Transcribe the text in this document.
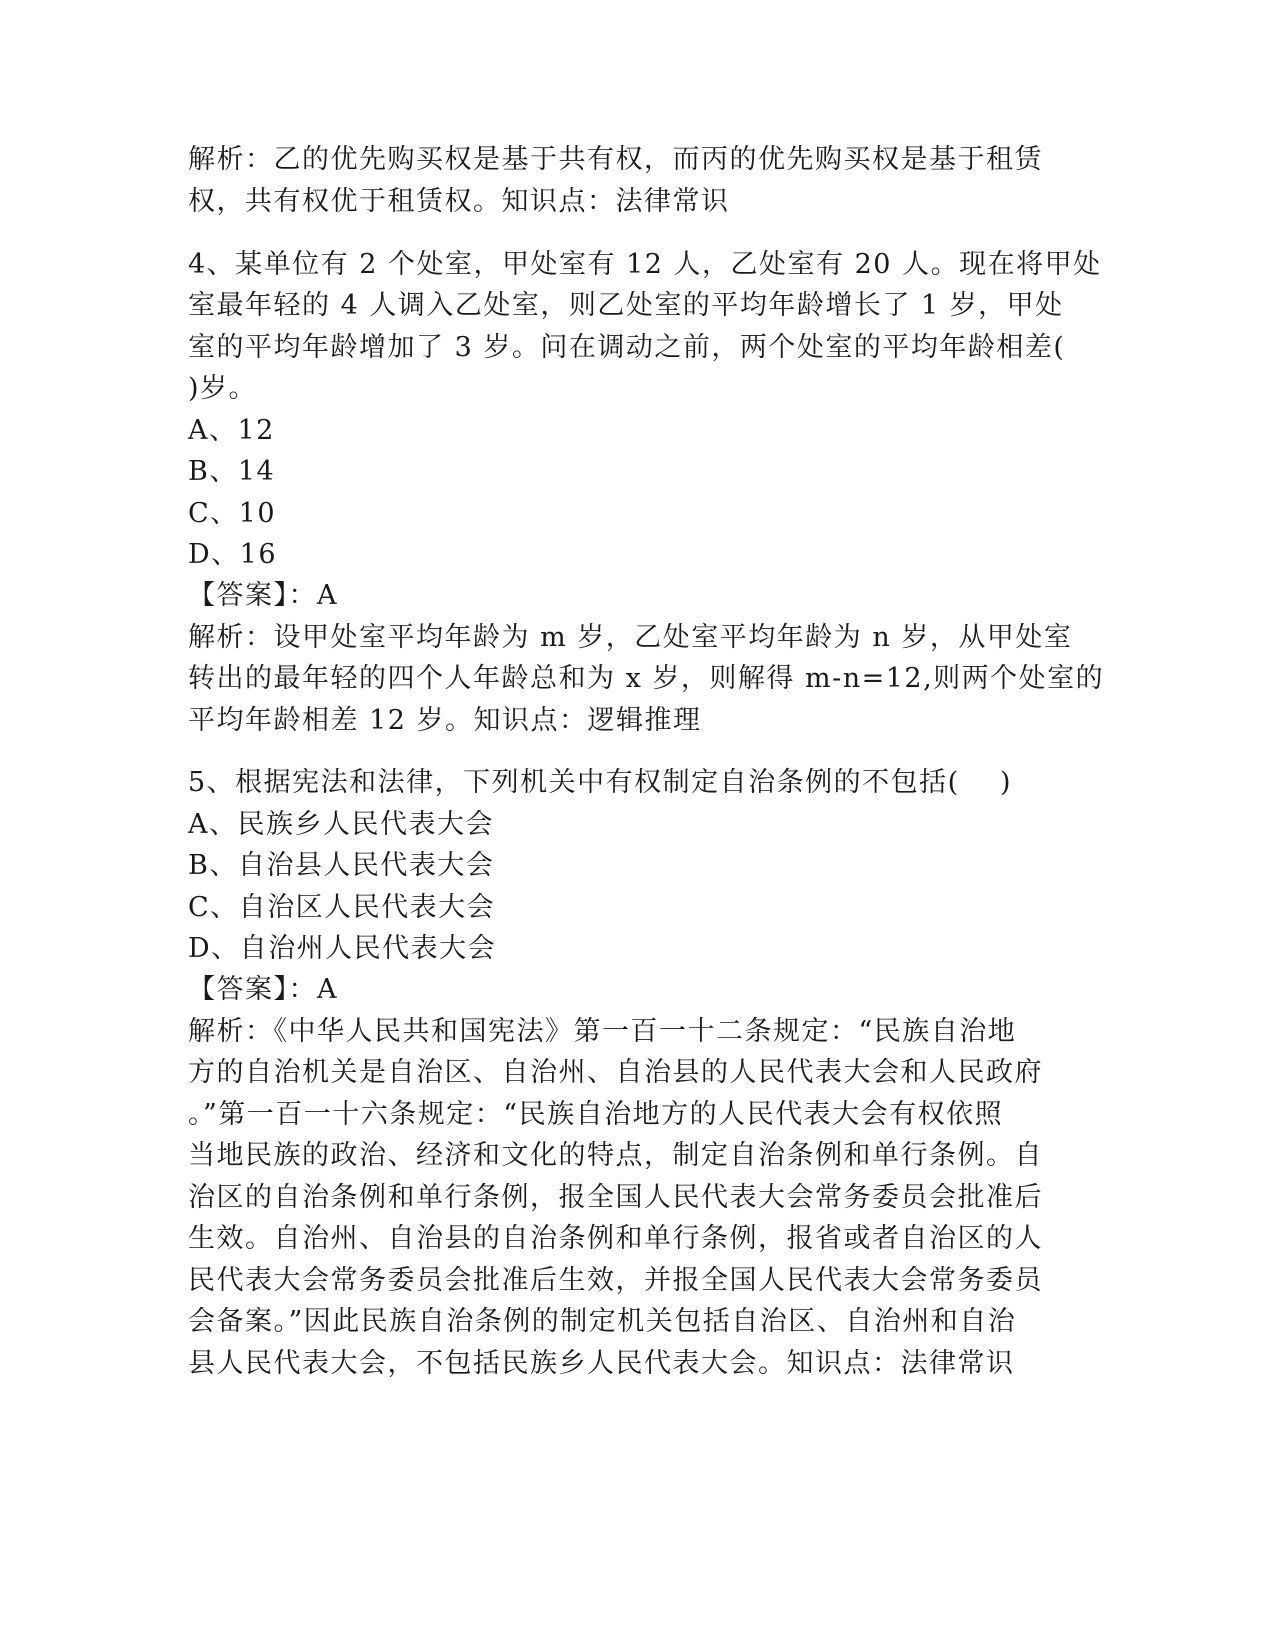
解析：乙的优先购买权是基于共有权，而丙的优先购买权是基于租赁
权，共有权优于租赁权。知识点：法律常识
4、某单位有 2 个处室，甲处室有 12 人，乙处室有 20 人。现在将甲处
室最年轻的 4 人调入乙处室，则乙处室的平均年龄增长了 1 岁，甲处
室的平均年龄增加了 3 岁。问在调动之前，两个处室的平均年龄相差(
)岁。
A、12
B、14
C、10
D、16
【答案】：A
解析：设甲处室平均年龄为 m 岁，乙处室平均年龄为 n 岁，从甲处室
转出的最年轻的四个人年龄总和为 x 岁，则解得 m-n=12,则两个处室的
平均年龄相差 12 岁。知识点：逻辑推理
5、根据宪法和法律，下列机关中有权制定自治条例的不包括(    )
A、民族乡人民代表大会
B、自治县人民代表大会
C、自治区人民代表大会
D、自治州人民代表大会
【答案】：A
解析：《中华人民共和国宪法》第一百一十二条规定：“民族自治地
方的自治机关是自治区、自治州、自治县的人民代表大会和人民政府
。”第一百一十六条规定：“民族自治地方的人民代表大会有权依照
当地民族的政治、经济和文化的特点，制定自治条例和单行条例。自
治区的自治条例和单行条例，报全国人民代表大会常务委员会批准后
生效。自治州、自治县的自治条例和单行条例，报省或者自治区的人
民代表大会常务委员会批准后生效，并报全国人民代表大会常务委员
会备案。”因此民族自治条例的制定机关包括自治区、自治州和自治
县人民代表大会，不包括民族乡人民代表大会。知识点：法律常识
